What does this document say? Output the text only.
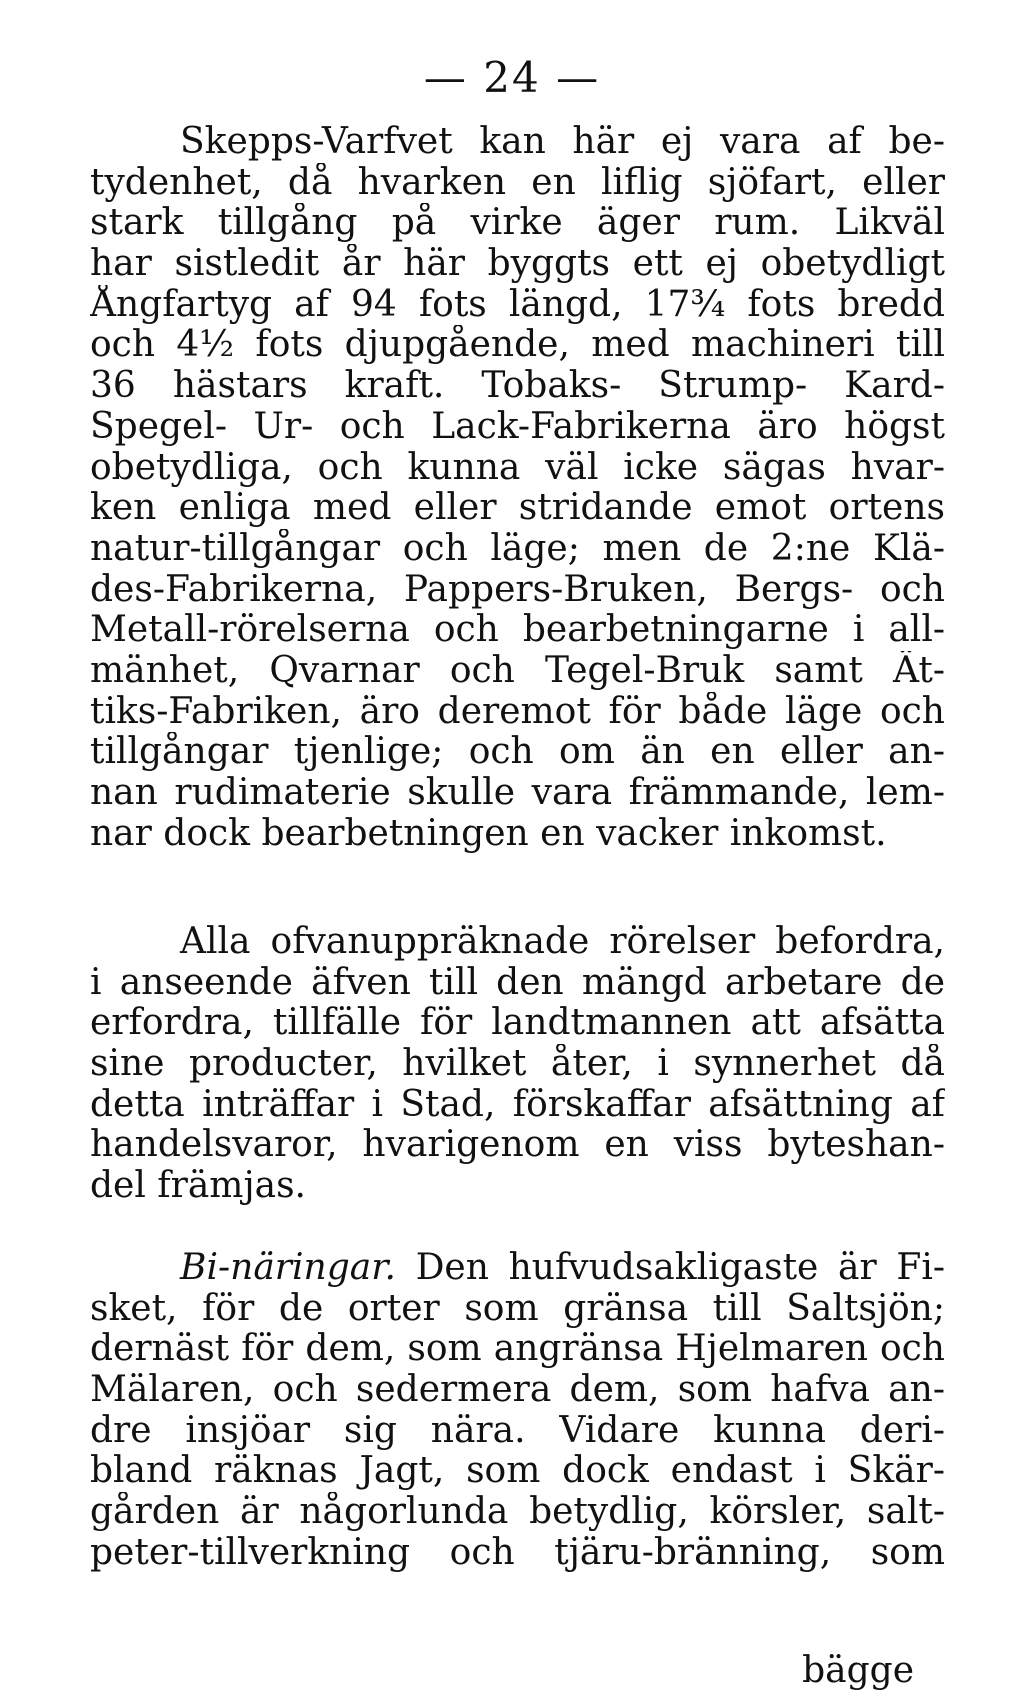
— 24 —
Skepps-Varfvet kan här ej vara af be-
tydenhet, då hvarken en liflig sjöfart, eller
stark tillgång på virke äger rum. Likväl
har sistledit år här byggts ett ej obetydligt
Ångfartyg af 94 fots längd, 17¾ fots bredd
och 4½ fots djupgående, med machineri till
36 hästars kraft. Tobaks- Strump- Kard-
Spegel- Ur- och Lack-Fabrikerna äro högst
obetydliga, och kunna väl icke sägas hvar-
ken enliga med eller stridande emot ortens
natur-tillgångar och läge; men de 2:ne Klä-
des-Fabrikerna, Pappers-Bruken, Bergs- och
Metall-rörelserna och bearbetningarne i all-
mänhet, Qvarnar och Tegel-Bruk samt Ät-
tiks-Fabriken, äro deremot för både läge och
tillgångar tjenlige; och om än en eller an-
nan rudimaterie skulle vara främmande, lem-
nar dock bearbetningen en vacker inkomst.
Alla ofvanuppräknade rörelser befordra,
i anseende äfven till den mängd arbetare de
erfordra, tillfälle för landtmannen att afsätta
sine producter, hvilket åter, i synnerhet då
detta inträffar i Stad, förskaffar afsättning af
handelsvaror, hvarigenom en viss byteshan-
del främjas.
Bi-näringar. Den hufvudsakligaste är Fi-
sket, för de orter som gränsa till Saltsjön;
dernäst för dem, som angränsa Hjelmaren och
Mälaren, och sedermera dem, som hafva an-
dre insjöar sig nära. Vidare kunna deri-
bland räknas Jagt, som dock endast i Skär-
gården är någorlunda betydlig, körsler, salt-
peter-tillverkning och tjäru-bränning, som
bägge
